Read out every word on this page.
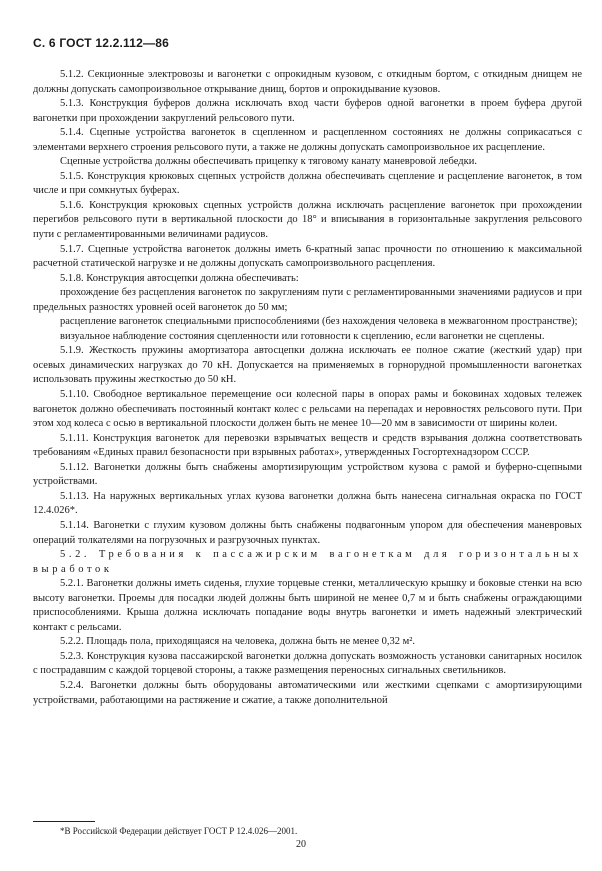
С. 6 ГОСТ 12.2.112—86

5.1.2. Секционные электровозы и вагонетки с опрокидным кузовом, с откидным бортом, с откидным днищем не должны допускать самопроизвольное открывание днищ, бортов и опрокидывание кузовов.

5.1.3. Конструкция буферов должна исключать вход части буферов одной вагонетки в проем буфера другой вагонетки при прохождении закруглений рельсового пути.

5.1.4. Сцепные устройства вагонеток в сцепленном и расцепленном состояниях не должны соприкасаться с элементами верхнего строения рельсового пути, а также не должны допускать самопроизвольное их расцепление.

Сцепные устройства должны обеспечивать прицепку к тяговому канату маневровой лебедки.

5.1.5. Конструкция крюковых сцепных устройств должна обеспечивать сцепление и расцепление вагонеток, в том числе и при сомкнутых буферах.

5.1.6. Конструкция крюковых сцепных устройств должна исключать расцепление вагонеток при прохождении перегибов рельсового пути в вертикальной плоскости до 18° и вписывания в горизонтальные закругления рельсового пути с регламентированными величинами радиусов.

5.1.7. Сцепные устройства вагонеток должны иметь 6-кратный запас прочности по отношению к максимальной расчетной статической нагрузке и не должны допускать самопроизвольного расцепления.

5.1.8. Конструкция автосцепки должна обеспечивать:

прохождение без расцепления вагонеток по закруглениям пути с регламентированными значениями радиусов и при предельных разностях уровней осей вагонеток до 50 мм;

расцепление вагонеток специальными приспособлениями (без нахождения человека в межвагонном пространстве);

визуальное наблюдение состояния сцепленности или готовности к сцеплению, если вагонетки не сцеплены.

5.1.9. Жесткость пружины амортизатора автосцепки должна исключать ее полное сжатие (жесткий удар) при осевых динамических нагрузках до 70 кН. Допускается на применяемых в горнорудной промышленности вагонетках использовать пружины жесткостью до 50 кН.

5.1.10. Свободное вертикальное перемещение оси колесной пары в опорах рамы и боковинах ходовых тележек вагонеток должно обеспечивать постоянный контакт колес с рельсами на перепадах и неровностях рельсового пути. При этом ход колеса с осью в вертикальной плоскости должен быть не менее 10—20 мм в зависимости от ширины колеи.

5.1.11. Конструкция вагонеток для перевозки взрывчатых веществ и средств взрывания должна соответствовать требованиям «Единых правил безопасности при взрывных работах», утвержденных Госгортехнадзором СССР.

5.1.12. Вагонетки должны быть снабжены амортизирующим устройством кузова с рамой и буферно-сцепными устройствами.

5.1.13. На наружных вертикальных углах кузова вагонетки должна быть нанесена сигнальная окраска по ГОСТ 12.4.026*.

5.1.14. Вагонетки с глухим кузовом должны быть снабжены подвагонным упором для обеспечения маневровых операций толкателями на погрузочных и разгрузочных пунктах.

5.2. Требования к пассажирским вагонеткам для горизонтальных выработок

5.2.1. Вагонетки должны иметь сиденья, глухие торцевые стенки, металлическую крышку и боковые стенки на всю высоту вагонетки. Проемы для посадки людей должны быть шириной не менее 0,7 м и быть снабжены ограждающими приспособлениями. Крыша должна исключать попадание воды внутрь вагонетки и иметь надежный электрический контакт с рельсами.

5.2.2. Площадь пола, приходящаяся на человека, должна быть не менее 0,32 м².

5.2.3. Конструкция кузова пассажирской вагонетки должна допускать возможность установки санитарных носилок с пострадавшим с каждой торцевой стороны, а также размещения переносных сигнальных светильников.

5.2.4. Вагонетки должны быть оборудованы автоматическими или жесткими сцепками с амортизирующими устройствами, работающими на растяжение и сжатие, а также дополнительной

*В Российской Федерации действует ГОСТ Р 12.4.026—2001.
20
